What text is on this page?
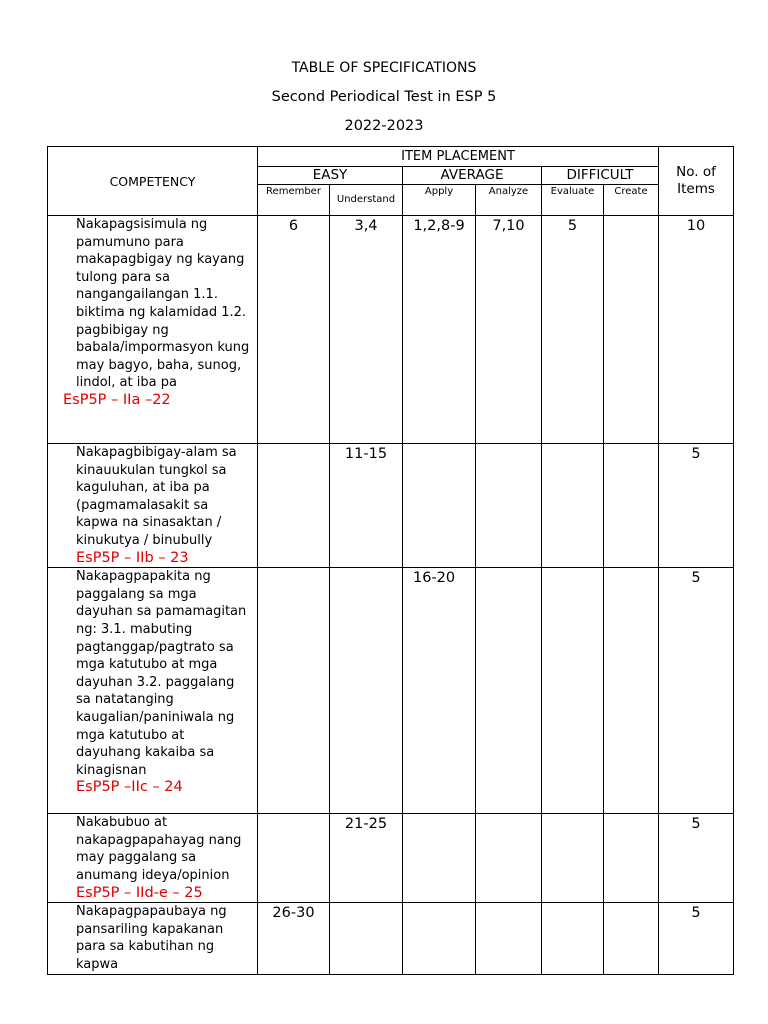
TABLE OF SPECIFICATIONS
Second Periodical Test in ESP 5
2022-2023
COMPETENCY	ITEM PLACEMENT						No. of
Items
	EASY		AVERAGE		DIFFICULT		
	Remember	Understand	Apply	Analyze	Evaluate	Create	
Nakapagsisimula ng pamumuno para makapagbigay ng kayang tulong para sa nangangailangan 1.1. biktima ng kalamidad 1.2. pagbibigay ng babala/impormasyon kung may bagyo, baha, sunog, lindol, at iba pa
EsP5P – IIa –22	6	3,4	1,2,8-9	7,10	5		10
Nakapagbibigay-alam sa kinauukulan tungkol sa kaguluhan, at iba pa (pagmamalasakit sa kapwa na sinasaktan / kinukutya / binubully
EsP5P – IIb – 23		11-15					5
Nakapagpapakita ng paggalang sa mga dayuhan sa pamamagitan ng: 3.1. mabuting pagtanggap/pagtrato sa mga katutubo at mga dayuhan 3.2. paggalang sa natatanging kaugalian/paniniwala ng mga katutubo at dayuhang kakaiba sa kinagisnan
EsP5P –IIc – 24			16-20				5
Nakabubuo at nakapagpapahayag nang may paggalang sa anumang ideya/opinion
EsP5P – IId-e – 25		21-25					5
Nakapagpapaubaya ng pansariling kapakanan para sa kabutihan ng kapwa	26-30						5
